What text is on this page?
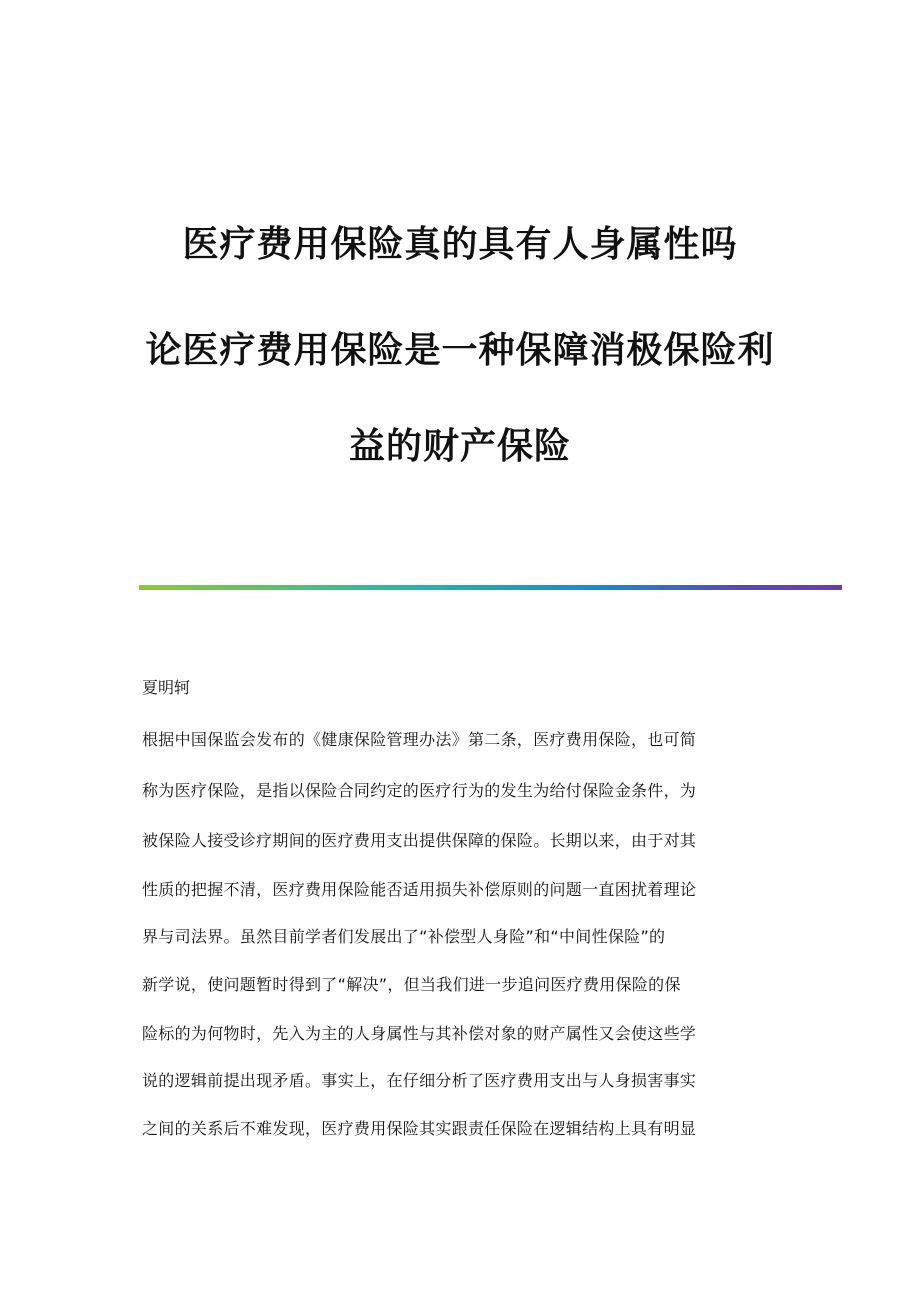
医疗费用保险真的具有人身属性吗
论医疗费用保险是一种保障消极保险利
益的财产保险
夏明轲
根据中国保监会发布的《健康保险管理办法》第二条，医疗费用保险，也可简
称为医疗保险，是指以保险合同约定的医疗行为的发生为给付保险金条件，为
被保险人接受诊疗期间的医疗费用支出提供保障的保险。长期以来，由于对其
性质的把握不清，医疗费用保险能否适用损失补偿原则的问题一直困扰着理论
界与司法界。虽然目前学者们发展出了“补偿型人身险”和“中间性保险”的
新学说，使问题暂时得到了“解决”，但当我们进一步追问医疗费用保险的保
险标的为何物时，先入为主的人身属性与其补偿对象的财产属性又会使这些学
说的逻辑前提出现矛盾。事实上，在仔细分析了医疗费用支出与人身损害事实
之间的关系后不难发现，医疗费用保险其实跟责任保险在逻辑结构上具有明显
